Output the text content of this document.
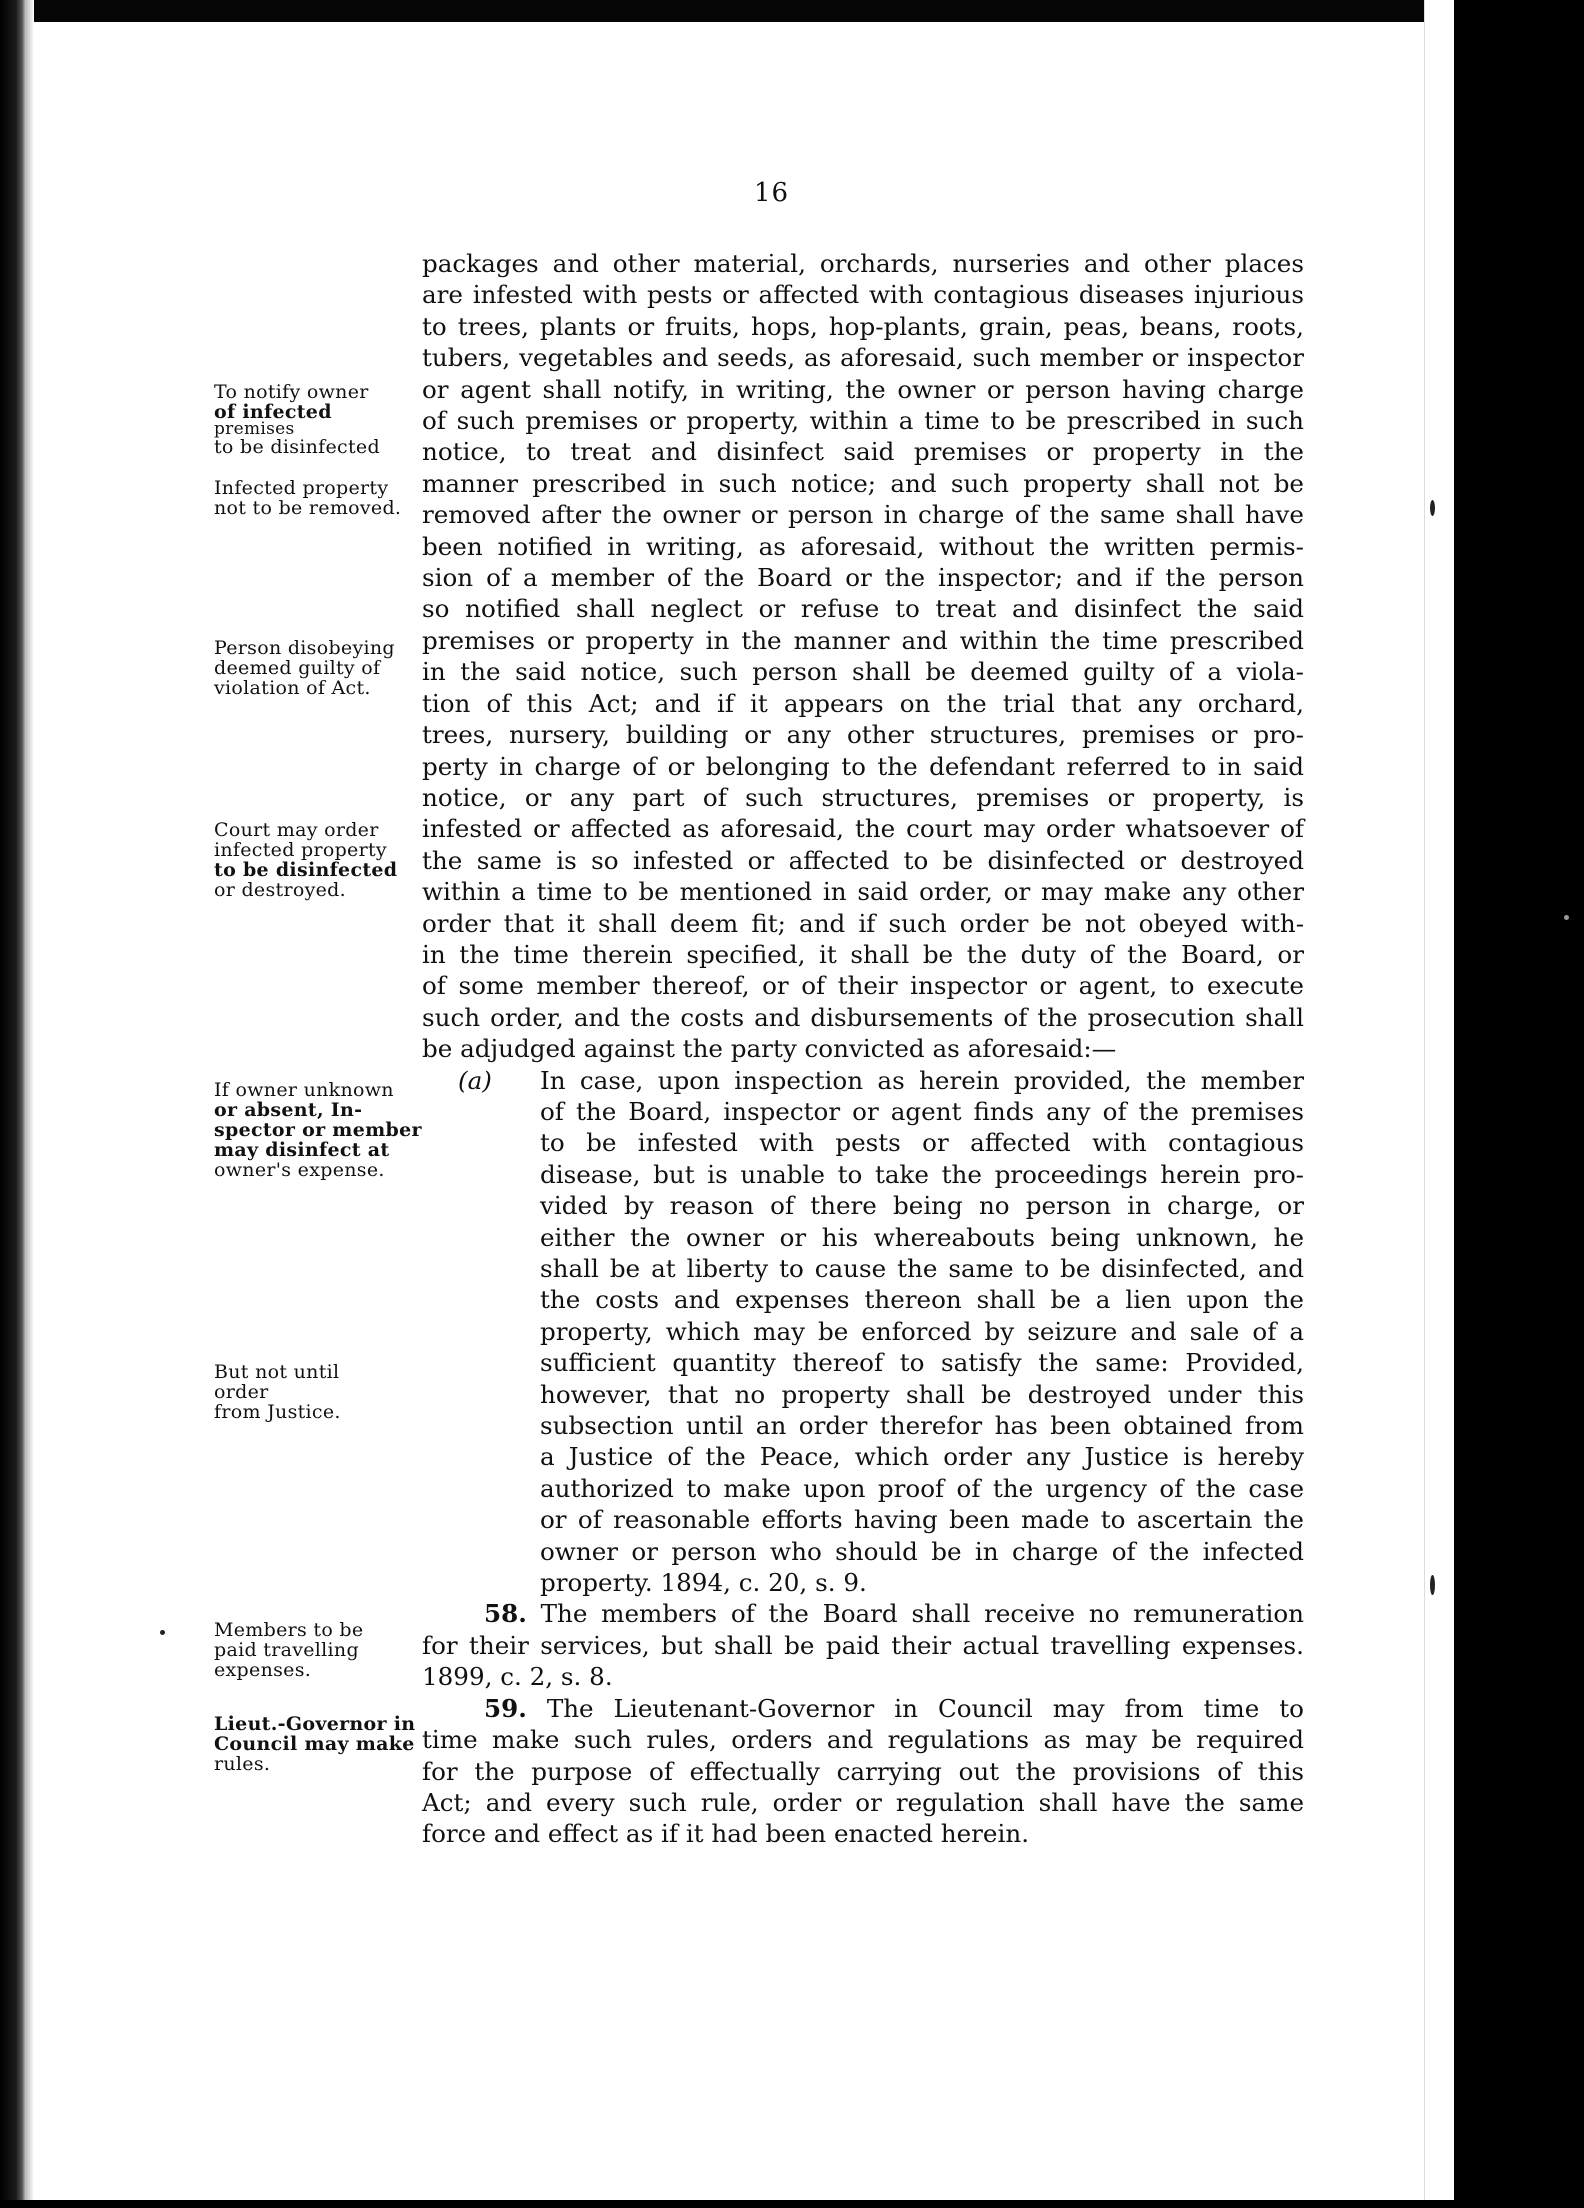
16
To notify owner
of infected
premises
to be disinfected
Infected property
not to be removed.
Person disobeying
deemed guilty of
violation of Act.
Court may order
infected property
to be disinfected
or destroyed.
If owner unknown
or absent, In-
spector or member
may disinfect at
owner's expense.
But not until
order
from Justice.
Members to be
paid travelling
expenses.
Lieut.-Governor in
Council may make
rules.
packages and other material, orchards, nurseries and other places
are infested with pests or affected with contagious diseases injurious
to trees, plants or fruits, hops, hop-plants, grain, peas, beans, roots,
tubers, vegetables and seeds, as aforesaid, such member or inspector
or agent shall notify, in writing, the owner or person having charge
of such premises or property, within a time to be prescribed in such
notice, to treat and disinfect said premises or property in the
manner prescribed in such notice; and such property shall not be
removed after the owner or person in charge of the same shall have
been notified in writing, as aforesaid, without the written permis-
sion of a member of the Board or the inspector; and if the person
so notified shall neglect or refuse to treat and disinfect the said
premises or property in the manner and within the time prescribed
in the said notice, such person shall be deemed guilty of a viola-
tion of this Act; and if it appears on the trial that any orchard,
trees, nursery, building or any other structures, premises or pro-
perty in charge of or belonging to the defendant referred to in said
notice, or any part of such structures, premises or property, is
infested or affected as aforesaid, the court may order whatsoever of
the same is so infested or affected to be disinfected or destroyed
within a time to be mentioned in said order, or may make any other
order that it shall deem fit; and if such order be not obeyed with-
in the time therein specified, it shall be the duty of the Board, or
of some member thereof, or of their inspector or agent, to execute
such order, and the costs and disbursements of the prosecution shall
be adjudged against the party convicted as aforesaid:—
(a) In case, upon inspection as herein provided, the member
of the Board, inspector or agent finds any of the premises
to be infested with pests or affected with contagious
disease, but is unable to take the proceedings herein pro-
vided by reason of there being no person in charge, or
either the owner or his whereabouts being unknown, he
shall be at liberty to cause the same to be disinfected, and
the costs and expenses thereon shall be a lien upon the
property, which may be enforced by seizure and sale of a
sufficient quantity thereof to satisfy the same: Provided,
however, that no property shall be destroyed under this
subsection until an order therefor has been obtained from
a Justice of the Peace, which order any Justice is hereby
authorized to make upon proof of the urgency of the case
or of reasonable efforts having been made to ascertain the
owner or person who should be in charge of the infected
property. 1894, c. 20, s. 9.
58. The members of the Board shall receive no remuneration
for their services, but shall be paid their actual travelling expenses.
1899, c. 2, s. 8.
59. The Lieutenant-Governor in Council may from time to
time make such rules, orders and regulations as may be required
for the purpose of effectually carrying out the provisions of this
Act; and every such rule, order or regulation shall have the same
force and effect as if it had been enacted herein.
